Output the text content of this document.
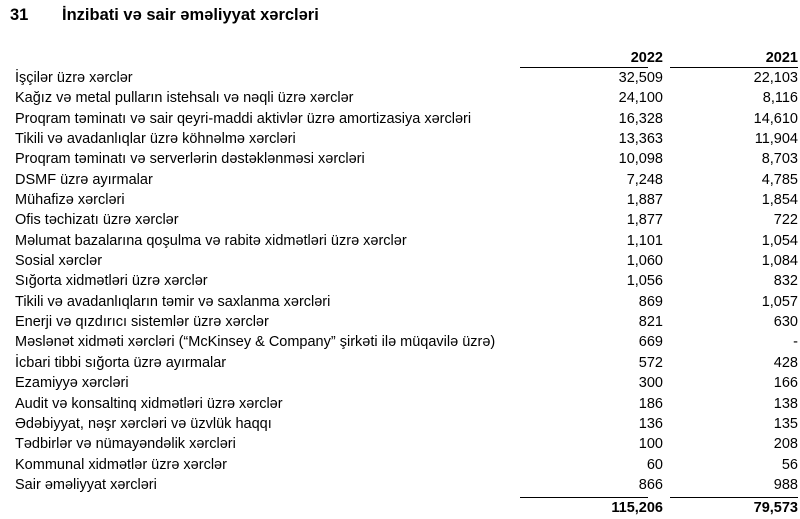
31 İnzibati və sair əməliyyat xərcləri
2022	2021
İşçilər üzrə xərclər	32,509	22,103
Kağız və metal pulların istehsalı və nəqli üzrə xərclər	24,100	8,116
Proqram təminatı və sair qeyri-maddi aktivlər üzrə amortizasiya xərcləri	16,328	14,610
Tikili və avadanlıqlar üzrə köhnəlmə xərcləri	13,363	11,904
Proqram təminatı və serverlərin dəstəklənməsi xərcləri	10,098	8,703
DSMF üzrə ayırmalar	7,248	4,785
Mühafizə xərcləri	1,887	1,854
Ofis təchizatı üzrə xərclər	1,877	722
Məlumat bazalarına qoşulma və rabitə xidmətləri üzrə xərclər	1,101	1,054
Sosial xərclər	1,060	1,084
Sığorta xidmətləri üzrə xərclər	1,056	832
Tikili və avadanlıqların təmir və saxlanma xərcləri	869	1,057
Enerji və qızdırıcı sistemlər üzrə xərclər	821	630
Məslənət xidməti xərcləri (“McKinsey & Company” şirkəti ilə müqavilə üzrə)	669	-
İcbari tibbi sığorta üzrə ayırmalar	572	428
Ezamiyyə xərcləri	300	166
Audit və konsaltinq xidmətləri üzrə xərclər	186	138
Ədəbiyyat, nəşr xərcləri və üzvlük haqqı	136	135
Tədbirlər və nümayəndəlik xərcləri	100	208
Kommunal xidmətlər üzrə xərclər	60	56
Sair əməliyyat xərcləri	866	988
115,206	79,573
